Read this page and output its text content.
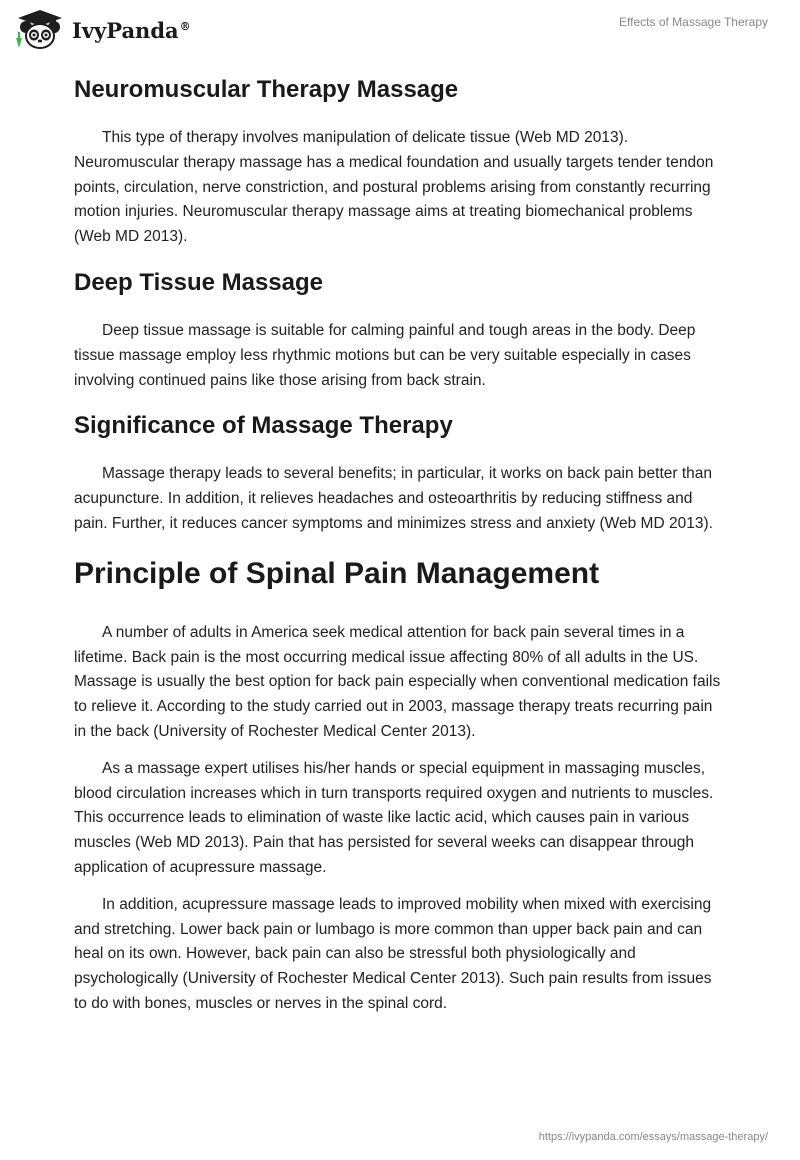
IvyPanda®	Effects of Massage Therapy
Neuromuscular Therapy Massage

This type of therapy involves manipulation of delicate tissue (Web MD 2013). Neuromuscular therapy massage has a medical foundation and usually targets tender tendon points, circulation, nerve constriction, and postural problems arising from constantly recurring motion injuries. Neuromuscular therapy massage aims at treating biomechanical problems (Web MD 2013).

Deep Tissue Massage

Deep tissue massage is suitable for calming painful and tough areas in the body. Deep tissue massage employ less rhythmic motions but can be very suitable especially in cases involving continued pains like those arising from back strain.

Significance of Massage Therapy

Massage therapy leads to several benefits; in particular, it works on back pain better than acupuncture. In addition, it relieves headaches and osteoarthritis by reducing stiffness and pain. Further, it reduces cancer symptoms and minimizes stress and anxiety (Web MD 2013).

Principle of Spinal Pain Management

A number of adults in America seek medical attention for back pain several times in a lifetime. Back pain is the most occurring medical issue affecting 80% of all adults in the US. Massage is usually the best option for back pain especially when conventional medication fails to relieve it. According to the study carried out in 2003, massage therapy treats recurring pain in the back (University of Rochester Medical Center 2013).

As a massage expert utilises his/her hands or special equipment in massaging muscles, blood circulation increases which in turn transports required oxygen and nutrients to muscles. This occurrence leads to elimination of waste like lactic acid, which causes pain in various muscles (Web MD 2013). Pain that has persisted for several weeks can disappear through application of acupressure massage.

In addition, acupressure massage leads to improved mobility when mixed with exercising and stretching. Lower back pain or lumbago is more common than upper back pain and can heal on its own. However, back pain can also be stressful both physiologically and psychologically (University of Rochester Medical Center 2013). Such pain results from issues to do with bones, muscles or nerves in the spinal cord.

https://ivypanda.com/essays/massage-therapy/
